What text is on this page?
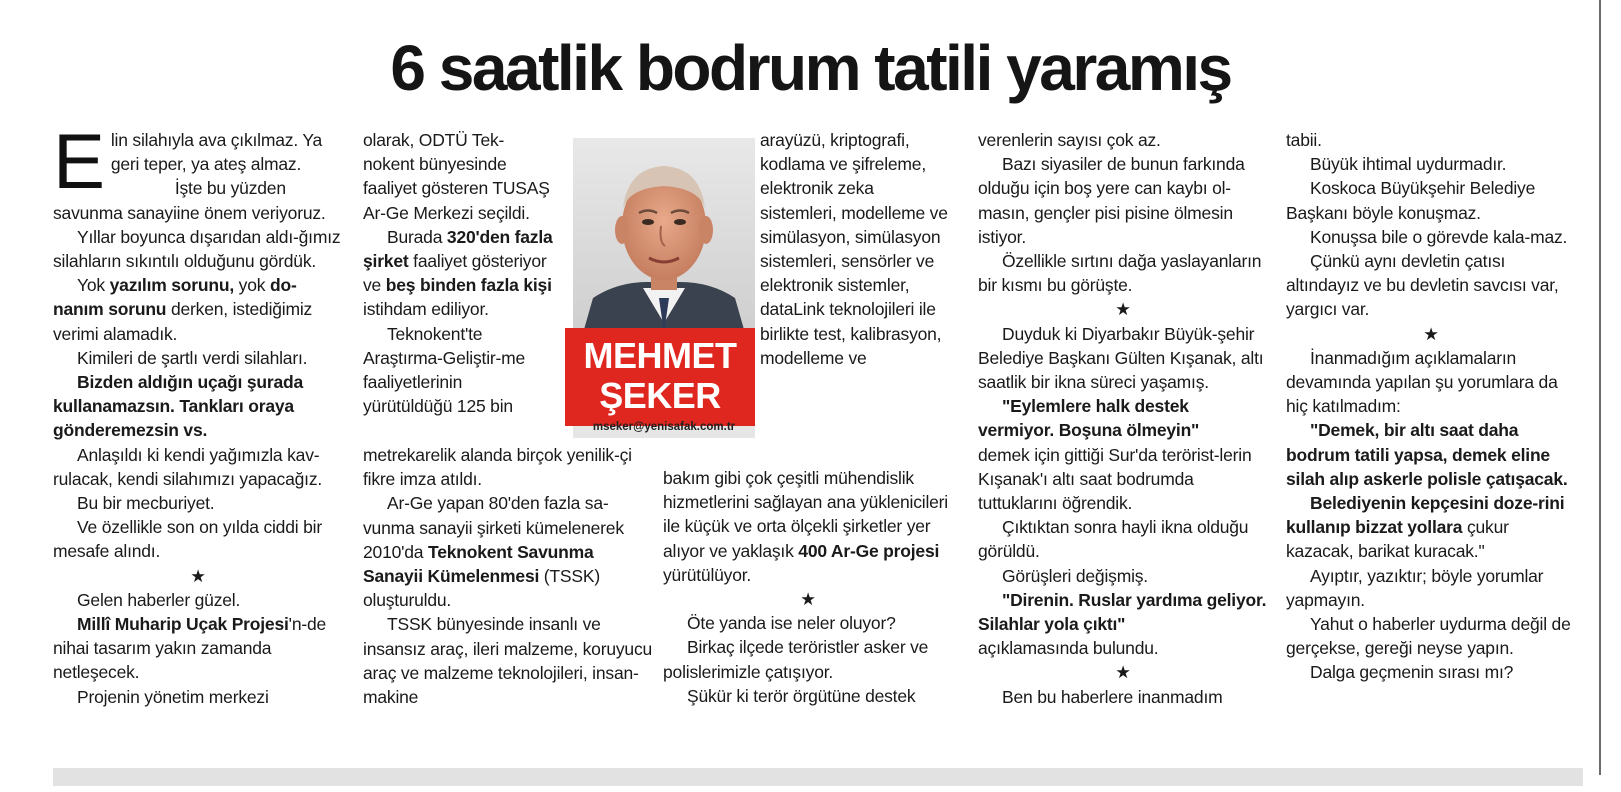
6 saatlik bodrum tatili yaramış

Elin silahıyla ava çıkılmaz. Ya geri teper, ya ateş almaz.

İşte bu yüzden savunma sanayiine önem veriyoruz.

Yıllar boyunca dışarıdan aldı-ğımız silahların sıkıntılı olduğunu gördük.

Yok yazılım sorunu, yok do-nanım sorunu derken, istediğimiz verimi alamadık.

Kimileri de şartlı verdi silahları.

Bizden aldığın uçağı şurada kullanamazsın. Tankları oraya gönderemezsin vs.

Anlaşıldı ki kendi yağımızla kav-rulacak, kendi silahımızı yapacağız.

Bu bir mecburiyet.

Ve özellikle son on yılda ciddi bir mesafe alındı.

★

Gelen haberler güzel.

Millî Muharip Uçak Projesi'n-de nihai tasarım yakın zamanda netleşecek.

Projenin yönetim merkezi

olarak, ODTÜ Tek-nokent bünyesinde faaliyet gösteren TUSAŞ Ar-Ge Merkezi seçildi.

Burada 320'den fazla şirket faaliyet gösteriyor ve beş binden fazla kişi istihdam ediliyor.

Teknokent'te Araştırma-Geliştir-me faaliyetlerinin yürütüldüğü 125 bin

metrekarelik alanda birçok yenilik-çi fikre imza atıldı.

Ar-Ge yapan 80'den fazla sa-vunma sanayii şirketi kümelenerek 2010'da Teknokent Savunma Sanayii Kümelenmesi (TSSK) oluşturuldu.

TSSK bünyesinde insanlı ve insansız araç, ileri malzeme, koruyucu araç ve malzeme teknolojileri, insan-makine

MEHMET
ŞEKER
mseker@yenisafak.com.tr

arayüzü, kriptografi, kodlama ve şifreleme, elektronik zeka sistemleri, modelleme ve simülasyon, simülasyon sistemleri, sensörler ve elektronik sistemler, dataLink teknolojileri ile birlikte test, kalibrasyon, modelleme ve

bakım gibi çok çeşitli mühendislik hizmetlerini sağlayan ana yüklenicileri ile küçük ve orta ölçekli şirketler yer alıyor ve yaklaşık 400 Ar-Ge projesi yürütülüyor.

★

Öte yanda ise neler oluyor?

Birkaç ilçede teröristler asker ve polislerimizle çatışıyor.

Şükür ki terör örgütüne destek

verenlerin sayısı çok az.

Bazı siyasiler de bunun farkında olduğu için boş yere can kaybı ol-masın, gençler pisi pisine ölmesin istiyor.

Özellikle sırtını dağa yaslayanların bir kısmı bu görüşte.

★

Duyduk ki Diyarbakır Büyük-şehir Belediye Başkanı Gülten Kışanak, altı saatlik bir ikna süreci yaşamış.

"Eylemlere halk destek vermiyor. Boşuna ölmeyin"

demek için gittiği Sur'da terörist-lerin Kışanak'ı altı saat bodrumda tuttuklarını öğrendik.

Çıktıktan sonra hayli ikna olduğu görüldü.

Görüşleri değişmiş.

"Direnin. Ruslar yardıma geliyor. Silahlar yola çıktı"

açıklamasında bulundu.

★

Ben bu haberlere inanmadım

tabii.

Büyük ihtimal uydurmadır.

Koskoca Büyükşehir Belediye Başkanı böyle konuşmaz.

Konuşsa bile o görevde kala-maz.

Çünkü aynı devletin çatısı altındayız ve bu devletin savcısı var, yargıcı var.

★

İnanmadığım açıklamaların devamında yapılan şu yorumlara da hiç katılmadım:

"Demek, bir altı saat daha bodrum tatili yapsa, demek eline silah alıp askerle polisle çatışacak.

Belediyenin kepçesini doze-rini kullanıp bizzat yollara çukur kazacak, barikat kuracak."

Ayıptır, yazıktır; böyle yorumlar yapmayın.

Yahut o haberler uydurma değil de gerçekse, gereği neyse yapın.

Dalga geçmenin sırası mı?
